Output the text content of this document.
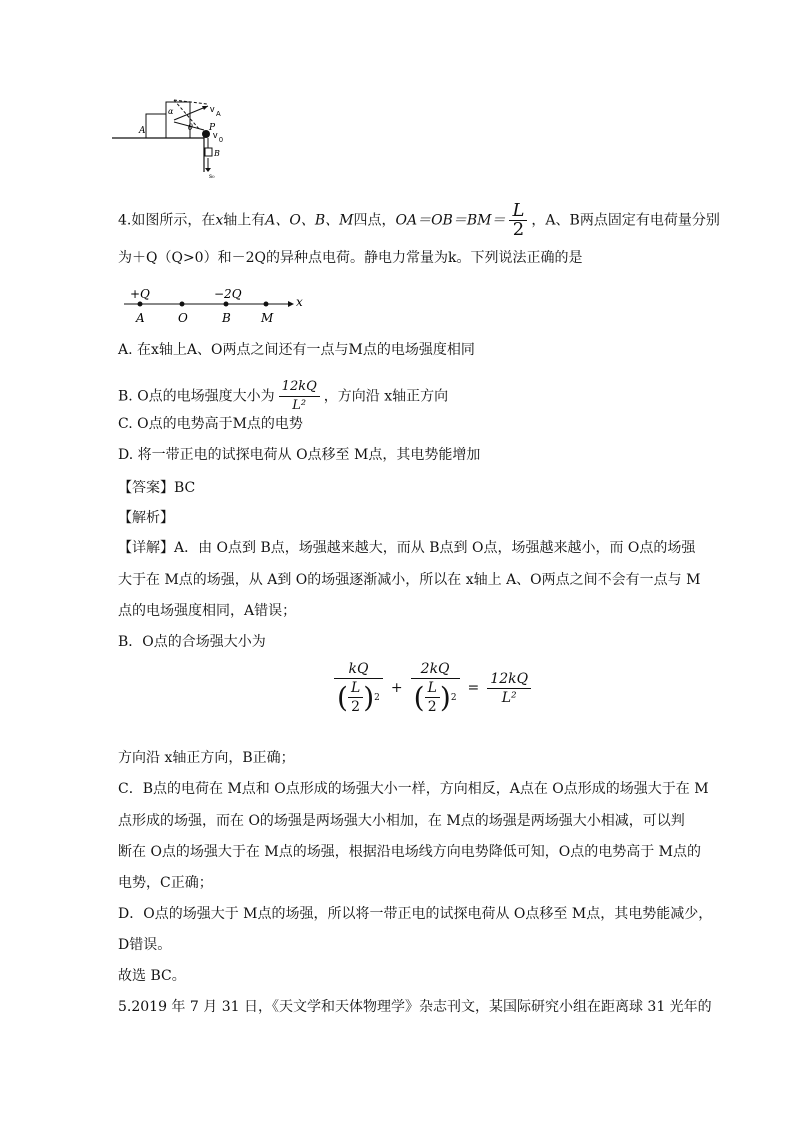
A	P
B
θ
α	v
A
v
0
s₀
4.如图所示，在x轴上有A、O、B、M四点，$OA=OB=BM= \frac{L}{2}$ ，A、B两点固定有电荷量分别
为＋Q（Q>0）和－2Q的异种点电荷。静电力常量为k。下列说法正确的是
+Q	−2Q
x
A	O	B	M
A. 在x轴上A、O两点之间还有一点与M点的电场强度相同
B. O点的电场强度大小为 $\frac{12kQ}{\text{L²}}$ ，方向沿 x轴正方向
C. O点的电势高于M点的电势
D. 将一带正电的试探电荷从 O点移至 M点，其电势能增加
【答案】BC
【解析】
【详解】A．由 O点到 B点，场强越来越大，而从 B点到 O点，场强越来越小，而 O点的场强
大于在 M点的场强，从 A到 O的场强逐渐减小，所以在 x轴上 A、O两点之间不会有一点与 M
点的电场强度相同，A错误；
B．O点的合场强大小为
$\frac{kQ}{( \frac{L}{2} ) 2} + \frac{2kQ}{( \frac{L}{2} ) 2} = \frac{12kQ}{\text{L²}}$
方向沿 x轴正方向，B正确；
C．B点的电荷在 M点和 O点形成的场强大小一样，方向相反，A点在 O点形成的场强大于在 M
点形成的场强，而在 O的场强是两场强大小相加，在 M点的场强是两场强大小相减，可以判
断在 O点的场强大于在 M点的场强，根据沿电场线方向电势降低可知，O点的电势高于 M点的
电势，C正确；
D．O点的场强大于 M点的场强，所以将一带正电的试探电荷从 O点移至 M点，其电势能减少，
D错误。
故选 BC。
5.2019 年 7 月 31 日，《天文学和天体物理学》杂志刊文，某国际研究小组在距离球 31 光年的
